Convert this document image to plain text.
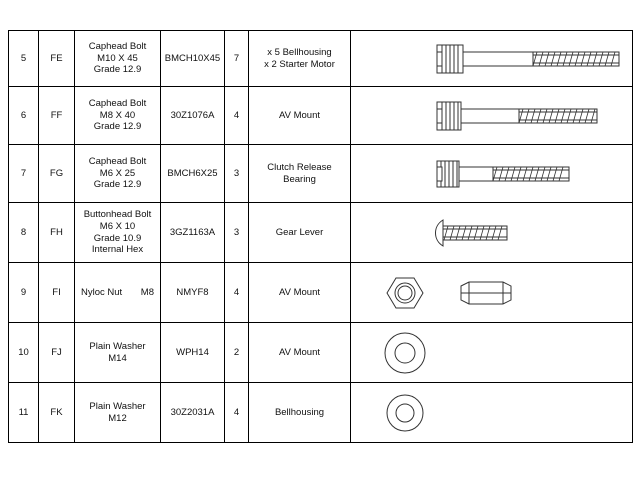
5	FE	Caphead Bolt
M10 X 45
Grade 12.9	BMCH10X45	7	x 5 Bellhousing
x 2 Starter Motor

6	FF	Caphead Bolt
M8 X 40
Grade 12.9	30Z1076A	4	AV Mount

7	FG	Caphead Bolt
M6 X 25
Grade 12.9	BMCH6X25	3	Clutch Release
Bearing

8	FH	Buttonhead Bolt
M6 X 10
Grade 10.9
Internal Hex	3GZ1163A	3	Gear Lever

9	FI	Nyloc Nut M8	NMYF8	4	AV Mount

10	FJ	Plain Washer
M14	WPH14	2	AV Mount

11	FK	Plain Washer
M12	30Z2031A	4	Bellhousing
